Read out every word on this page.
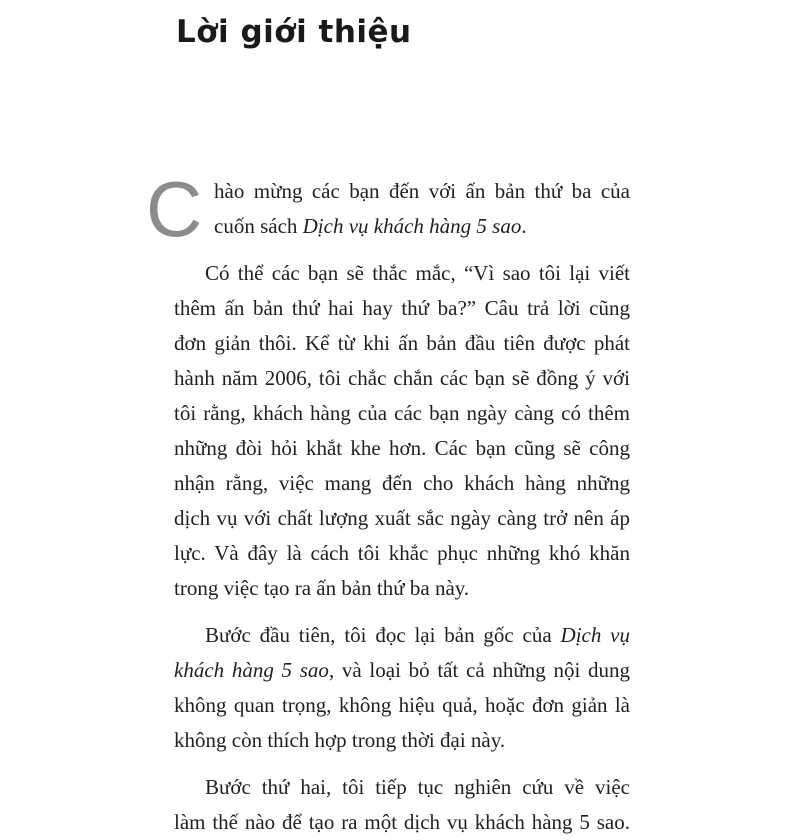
Lời giới thiệu
C hào mừng các bạn đến với ấn bản thứ ba của
cuốn sách Dịch vụ khách hàng 5 sao.
Có thể các bạn sẽ thắc mắc, “Vì sao tôi lại viết
thêm ấn bản thứ hai hay thứ ba?” Câu trả lời cũng
đơn giản thôi. Kể từ khi ấn bản đầu tiên được phát
hành năm 2006, tôi chắc chắn các bạn sẽ đồng ý với
tôi rằng, khách hàng của các bạn ngày càng có thêm
những đòi hỏi khắt khe hơn. Các bạn cũng sẽ công
nhận rằng, việc mang đến cho khách hàng những
dịch vụ với chất lượng xuất sắc ngày càng trở nên áp
lực. Và đây là cách tôi khắc phục những khó khăn
trong việc tạo ra ấn bản thứ ba này.
Bước đầu tiên, tôi đọc lại bản gốc của Dịch vụ
khách hàng 5 sao, và loại bỏ tất cả những nội dung
không quan trọng, không hiệu quả, hoặc đơn giản là
không còn thích hợp trong thời đại này.
Bước thứ hai, tôi tiếp tục nghiên cứu về việc
làm thế nào để tạo ra một dịch vụ khách hàng 5 sao.
